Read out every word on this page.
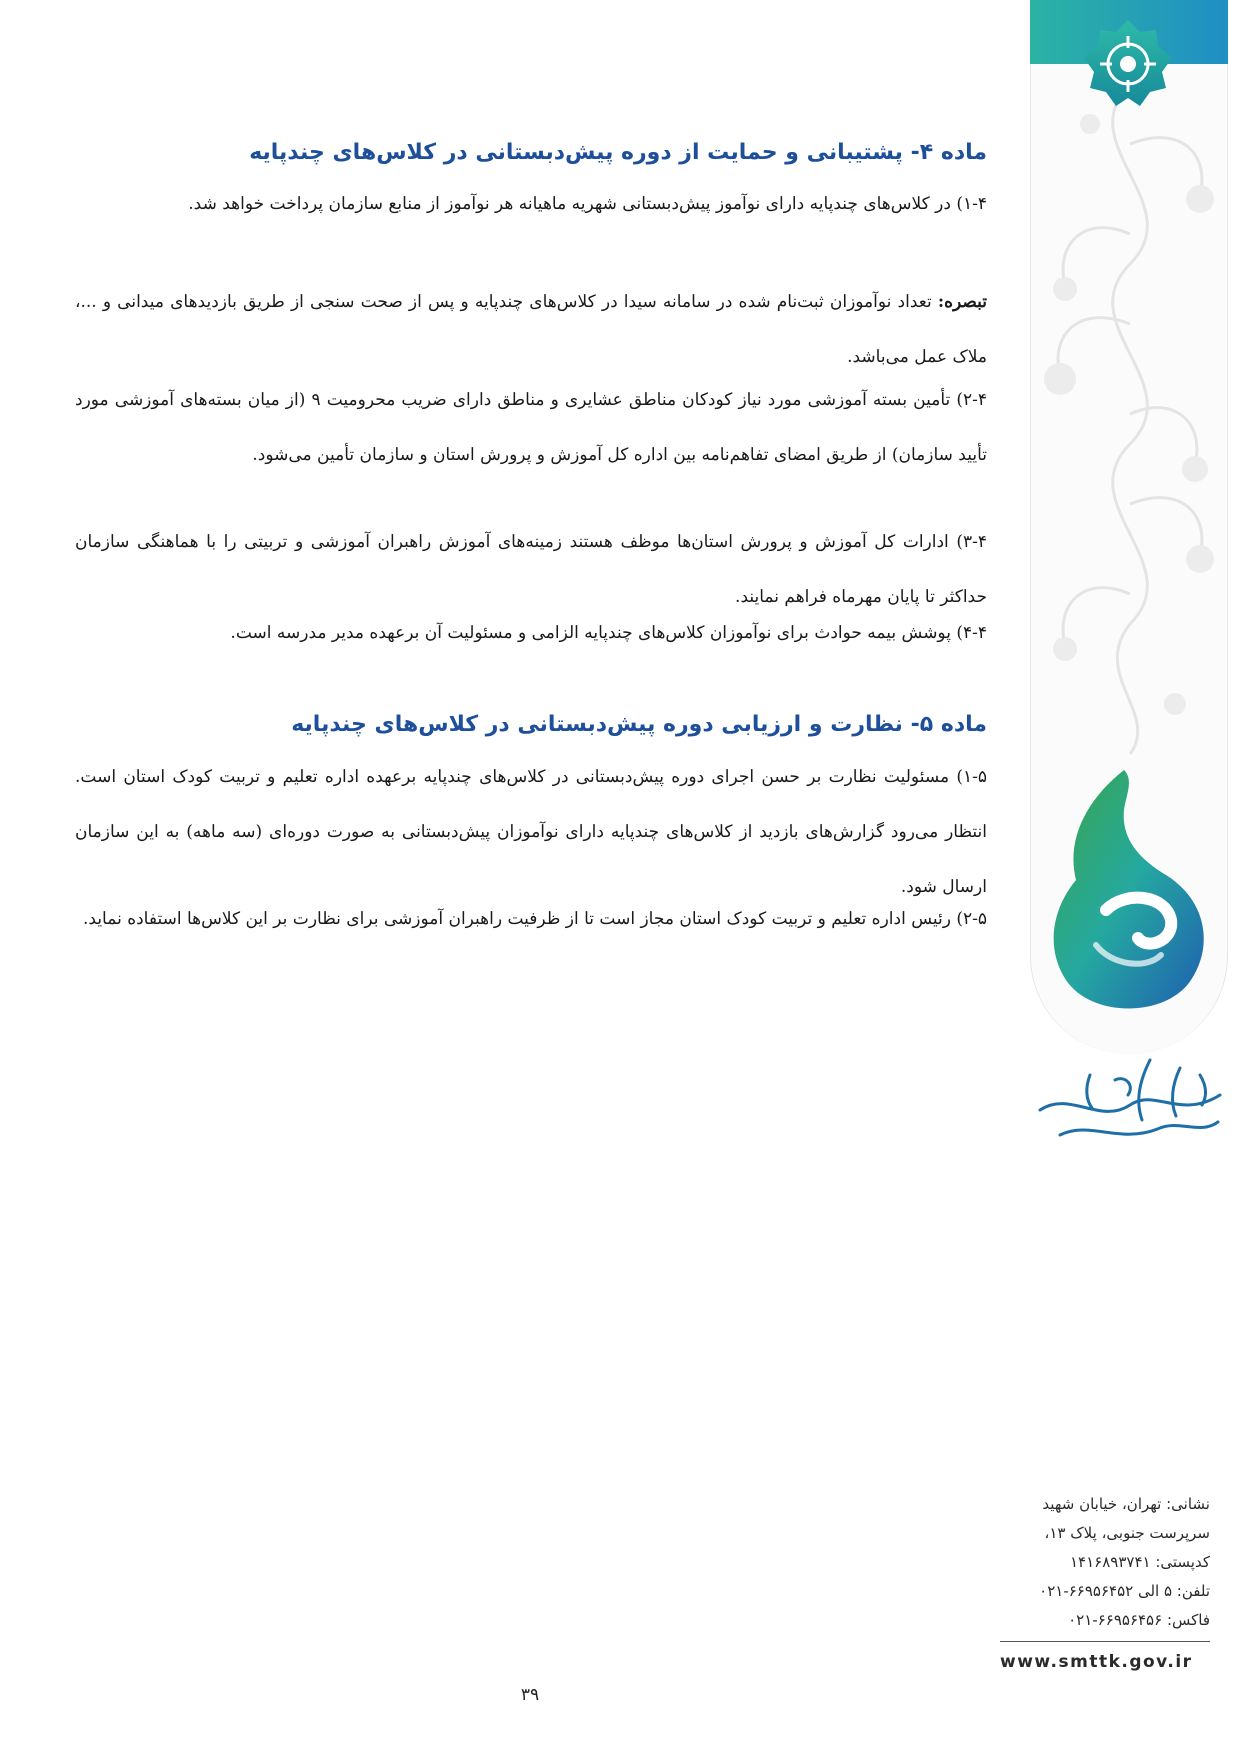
ماده ۴- پشتیبانی و حمایت از دوره پیش‌دبستانی در کلاس‌های چندپایه

۱-۴) در کلاس‌های چندپایه دارای نوآموز پیش‌دبستانی شهریه ماهیانه هر نوآموز از منابع سازمان پرداخت خواهد شد.

تبصره: تعداد نوآموزان ثبت‌نام شده در سامانه سیدا در کلاس‌های چندپایه و پس از صحت سنجی از طریق بازدیدهای میدانی و ...، ملاک عمل می‌باشد.

۲-۴) تأمین بسته آموزشی مورد نیاز کودکان مناطق عشایری و مناطق دارای ضریب محرومیت ۹ (از میان بسته‌های آموزشی مورد تأیید سازمان) از طریق امضای تفاهم‌نامه بین اداره کل آموزش و پرورش استان و سازمان تأمین می‌شود.

۳-۴) ادارات کل آموزش و پرورش استان‌ها موظف هستند زمینه‌های آموزش راهبران آموزشی و تربیتی را با هماهنگی سازمان حداکثر تا پایان مهرماه فراهم نمایند.

۴-۴) پوشش بیمه حوادث برای نوآموزان کلاس‌های چندپایه الزامی و مسئولیت آن برعهده مدیر مدرسه است.

ماده ۵- نظارت و ارزیابی دوره پیش‌دبستانی در کلاس‌های چندپایه

۱-۵) مسئولیت نظارت بر حسن اجرای دوره پیش‌دبستانی در کلاس‌های چندپایه برعهده اداره تعلیم و تربیت کودک استان است. انتظار می‌رود گزارش‌های بازدید از کلاس‌های چندپایه دارای نوآموزان پیش‌دبستانی به صورت دوره‌ای (سه ماهه) به این سازمان ارسال شود.

۲-۵) رئیس اداره تعلیم و تربیت کودک استان مجاز است تا از ظرفیت راهبران آموزشی برای نظارت بر این کلاس‌ها استفاده نماید.

نشانی: تهران، خیابان شهید
سرپرست جنوبی، پلاک ۱۳،
کدپستی: ۱۴۱۶۸۹۳۷۴۱
تلفن: ۵ الی ۶۶۹۵۶۴۵۲-۰۲۱
فاکس: ۶۶۹۵۶۴۵۶-۰۲۱
www.smttk.gov.ir
۳۹
